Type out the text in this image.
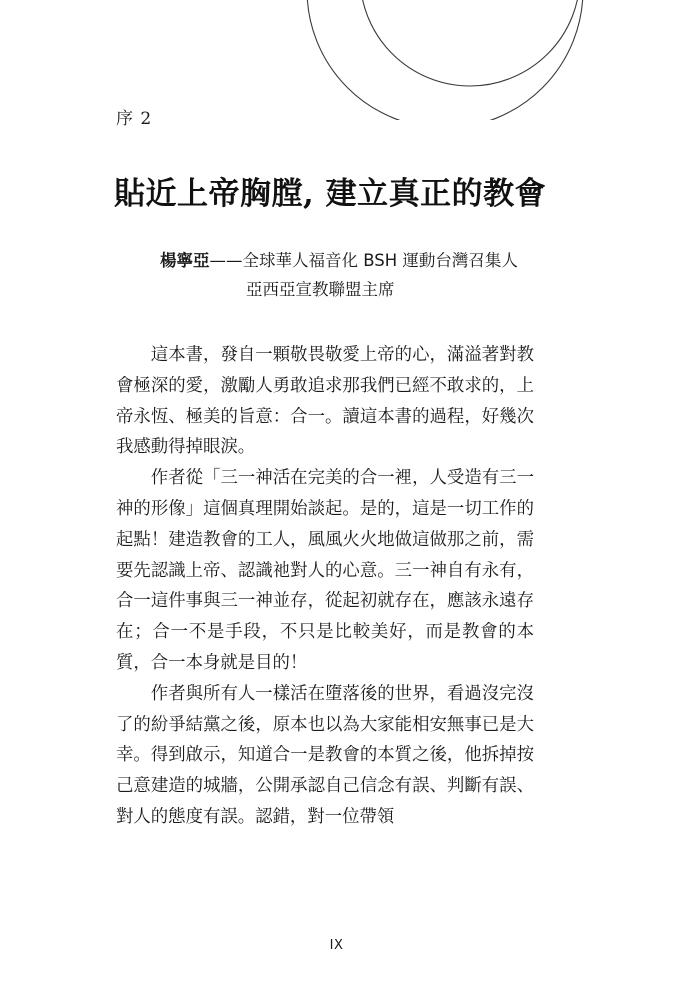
序 2
貼近上帝胸膛, 建立真正的教會
楊寧亞——全球華人福音化 BSH 運動台灣召集人
亞西亞宣教聯盟主席

這本書，發自一顆敬畏敬愛上帝的心，滿溢著對教會極深的愛，激勵人勇敢追求那我們已經不敢求的，上帝永恆、極美的旨意：合一。讀這本書的過程，好幾次我感動得掉眼淚。

作者從「三一神活在完美的合一裡，人受造有三一神的形像」這個真理開始談起。是的，這是一切工作的起點！建造教會的工人，風風火火地做這做那之前，需要先認識上帝、認識祂對人的心意。三一神自有永有，合一這件事與三一神並存，從起初就存在，應該永遠存在；合一不是手段，不只是比較美好，而是教會的本質，合一本身就是目的！

作者與所有人一樣活在墮落後的世界，看過沒完沒了的紛爭結黨之後，原本也以為大家能相安無事已是大幸。得到啟示，知道合一是教會的本質之後，他拆掉按己意建造的城牆，公開承認自己信念有誤、判斷有誤、對人的態度有誤。認錯，對一位帶領

IX
